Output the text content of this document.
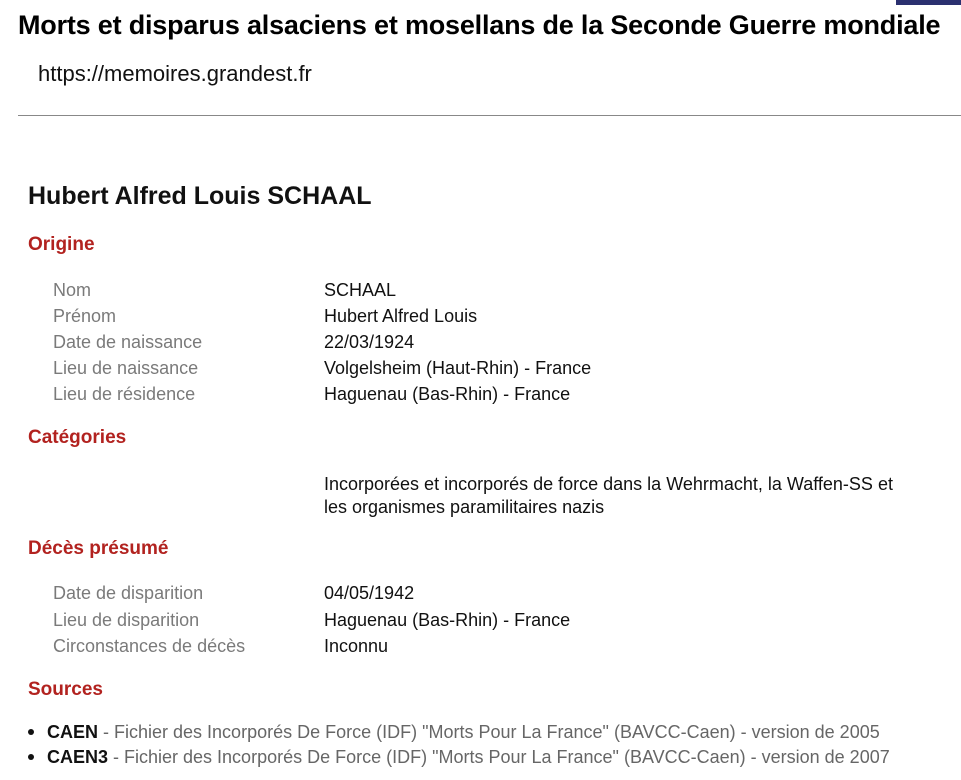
Morts et disparus alsaciens et mosellans de la Seconde Guerre mondiale
https://memoires.grandest.fr
Hubert Alfred Louis SCHAAL
Origine
Nom	SCHAAL
Prénom	Hubert Alfred Louis
Date de naissance	22/03/1924
Lieu de naissance	Volgelsheim (Haut-Rhin) - France
Lieu de résidence	Haguenau (Bas-Rhin) - France
Catégories
Incorporées et incorporés de force dans la Wehrmacht, la Waffen-SS et les organismes paramilitaires nazis
Décès présumé
Date de disparition	04/05/1942
Lieu de disparition	Haguenau (Bas-Rhin) - France
Circonstances de décès	Inconnu
Sources
CAEN - Fichier des Incorporés De Force (IDF) "Morts Pour La France" (BAVCC-Caen) - version de 2005
CAEN3 - Fichier des Incorporés De Force (IDF) "Morts Pour La France" (BAVCC-Caen) - version de 2007
